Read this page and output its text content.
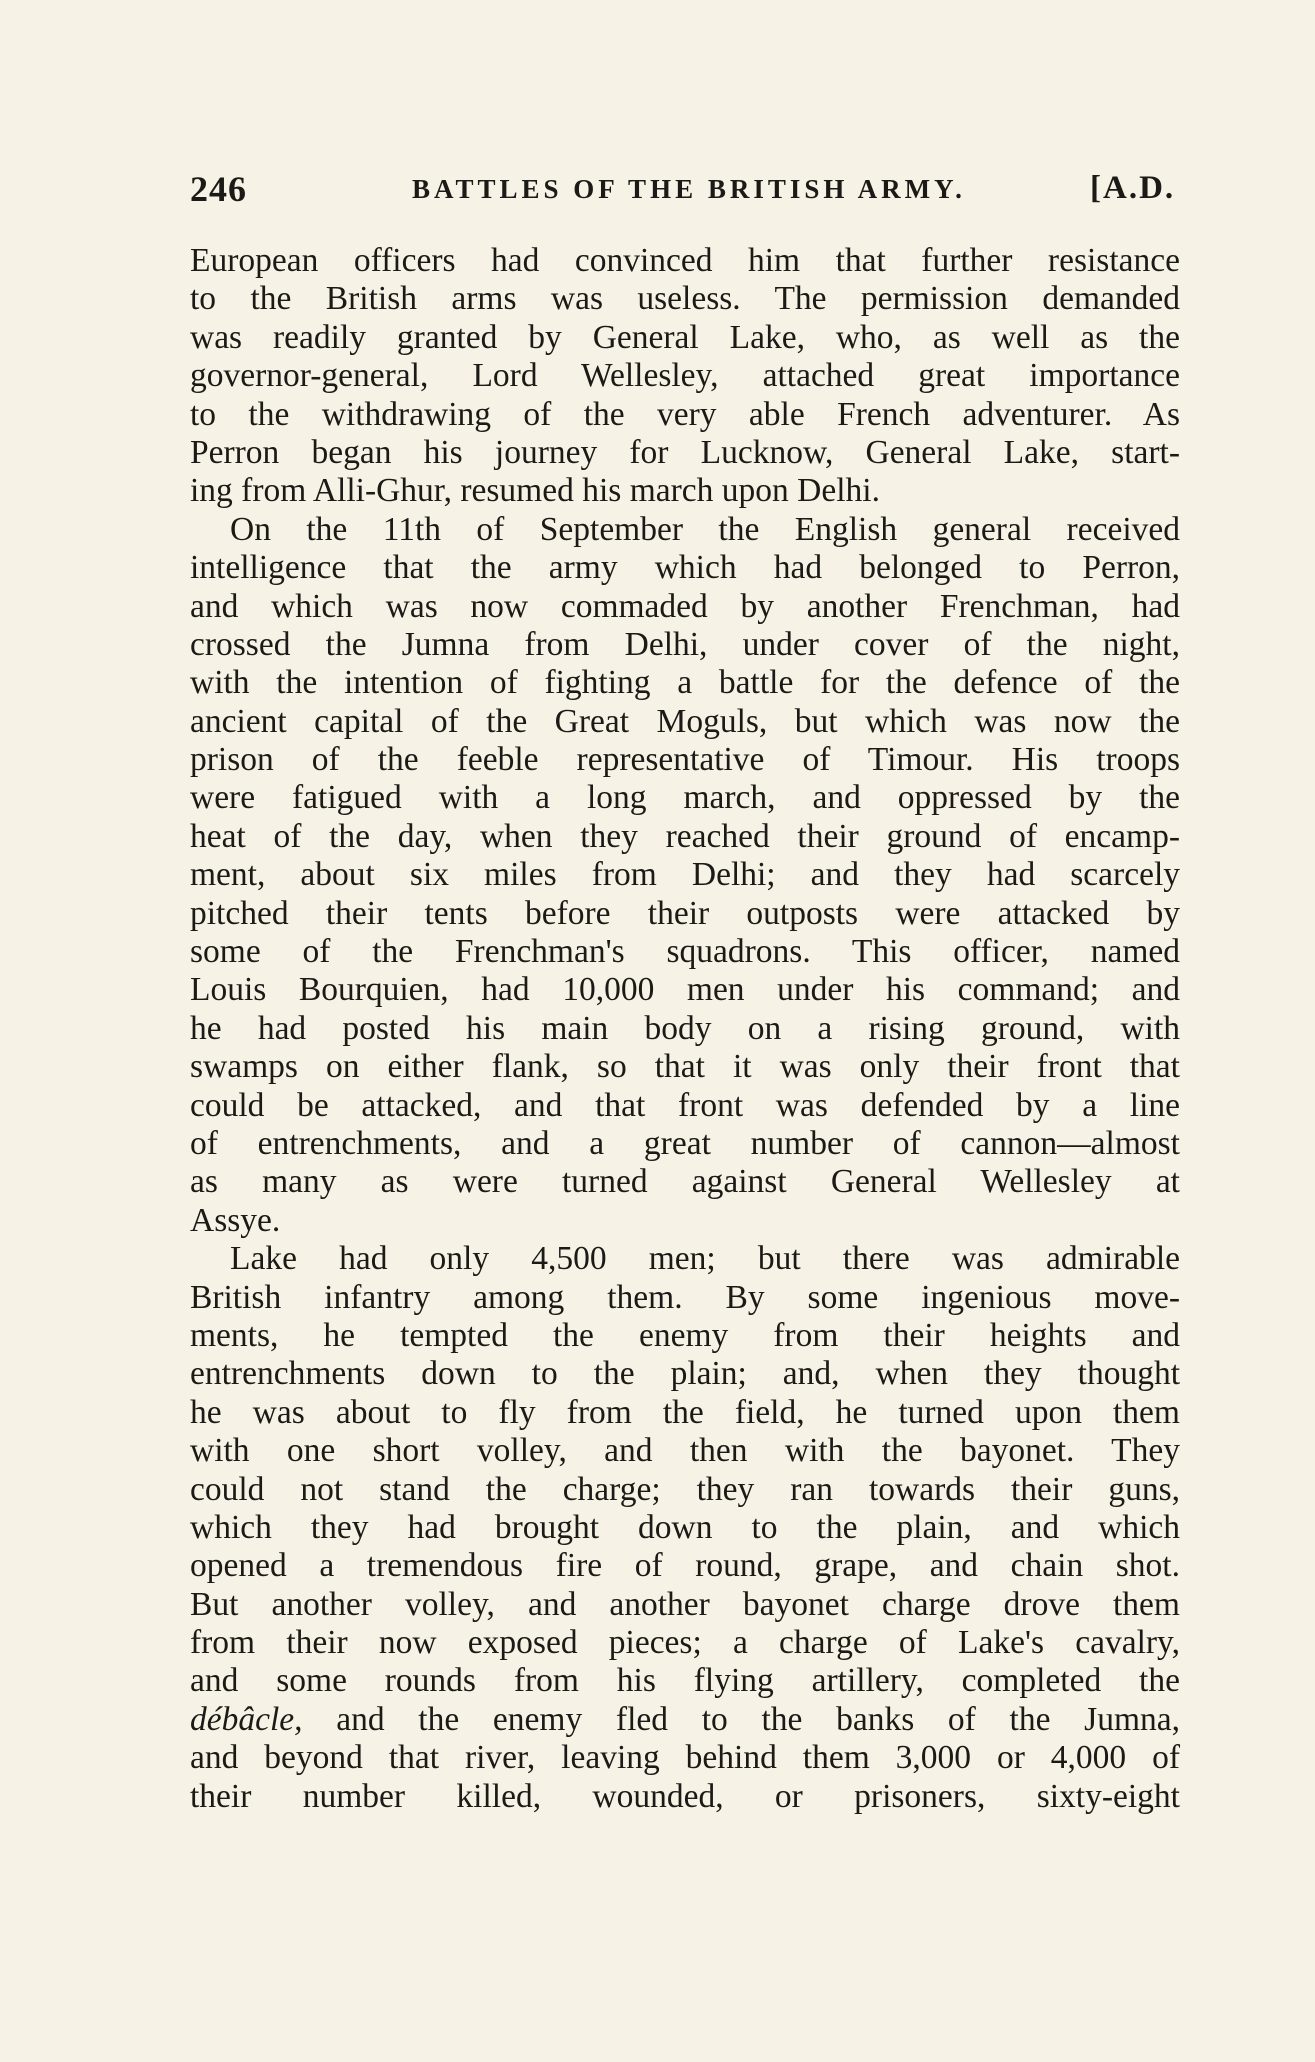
246	BATTLES OF THE BRITISH ARMY.	[A.D.
European officers had convinced him that further resistance
to the British arms was useless. The permission demanded
was readily granted by General Lake, who, as well as the
governor-general, Lord Wellesley, attached great importance
to the withdrawing of the very able French adventurer. As
Perron began his journey for Lucknow, General Lake, start-
ing from Alli-Ghur, resumed his march upon Delhi.
On the 11th of September the English general received
intelligence that the army which had belonged to Perron,
and which was now commaded by another Frenchman, had
crossed the Jumna from Delhi, under cover of the night,
with the intention of fighting a battle for the defence of the
ancient capital of the Great Moguls, but which was now the
prison of the feeble representative of Timour. His troops
were fatigued with a long march, and oppressed by the
heat of the day, when they reached their ground of encamp-
ment, about six miles from Delhi; and they had scarcely
pitched their tents before their outposts were attacked by
some of the Frenchman's squadrons. This officer, named
Louis Bourquien, had 10,000 men under his command; and
he had posted his main body on a rising ground, with
swamps on either flank, so that it was only their front that
could be attacked, and that front was defended by a line
of entrenchments, and a great number of cannon—almost
as many as were turned against General Wellesley at
Assye.
Lake had only 4,500 men; but there was admirable
British infantry among them. By some ingenious move-
ments, he tempted the enemy from their heights and
entrenchments down to the plain; and, when they thought
he was about to fly from the field, he turned upon them
with one short volley, and then with the bayonet. They
could not stand the charge; they ran towards their guns,
which they had brought down to the plain, and which
opened a tremendous fire of round, grape, and chain shot.
But another volley, and another bayonet charge drove them
from their now exposed pieces; a charge of Lake's cavalry,
and some rounds from his flying artillery, completed the
débâcle, and the enemy fled to the banks of the Jumna,
and beyond that river, leaving behind them 3,000 or 4,000 of
their number killed, wounded, or prisoners, sixty-eight
